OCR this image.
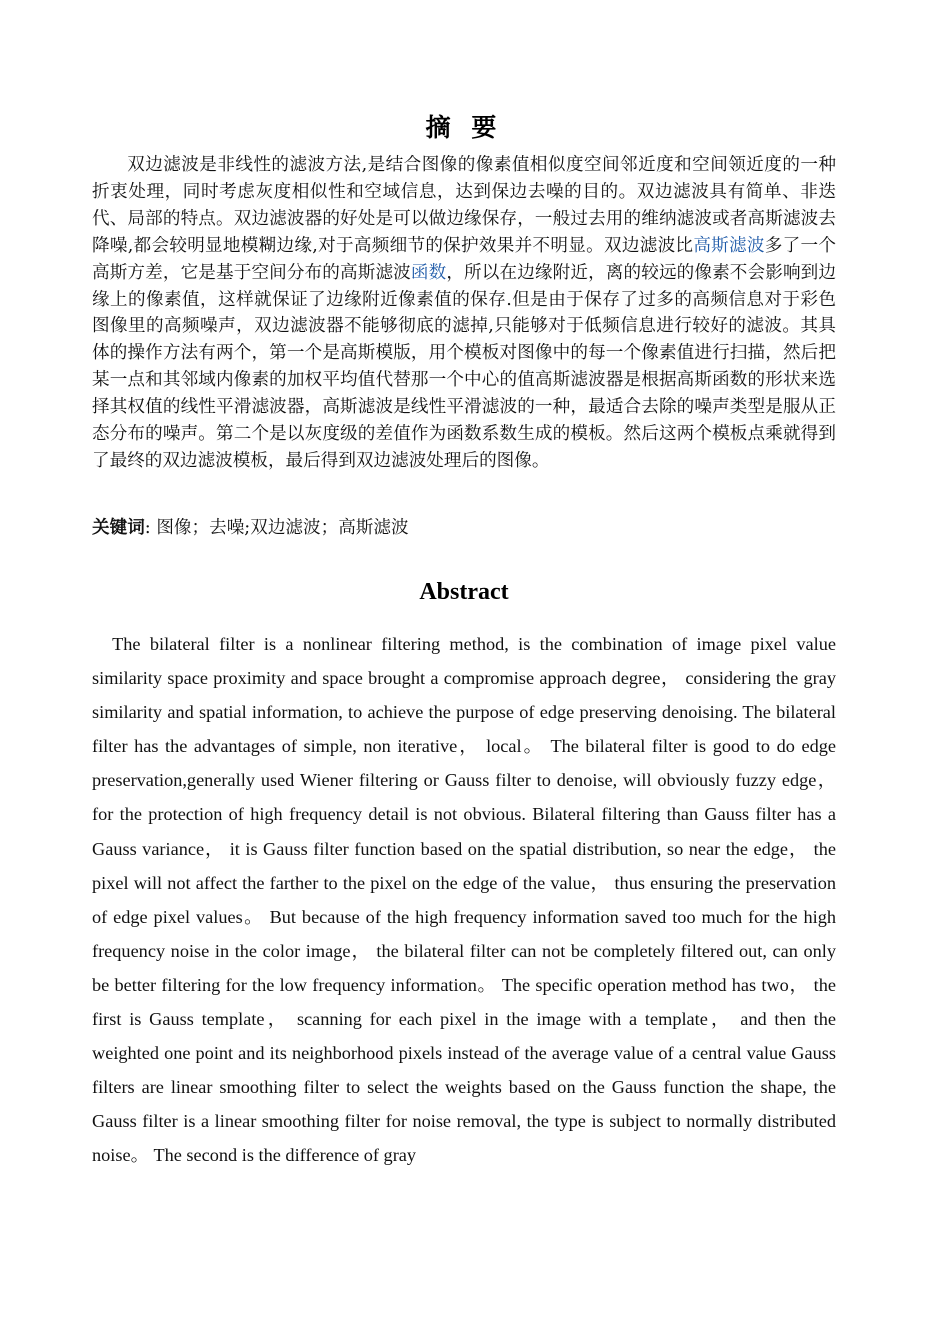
摘 要

双边滤波是非线性的滤波方法,是结合图像的像素值相似度空间邻近度和空间领近度的一种折衷处理，同时考虑灰度相似性和空域信息，达到保边去噪的目的。双边滤波具有简单、非迭代、局部的特点。双边滤波器的好处是可以做边缘保存，一般过去用的维纳滤波或者高斯滤波去降噪,都会较明显地模糊边缘,对于高频细节的保护效果并不明显。双边滤波比高斯滤波多了一个高斯方差，它是基于空间分布的高斯滤波函数，所以在边缘附近，离的较远的像素不会影响到边缘上的像素值，这样就保证了边缘附近像素值的保存.但是由于保存了过多的高频信息对于彩色图像里的高频噪声，双边滤波器不能够彻底的滤掉,只能够对于低频信息进行较好的滤波。其具体的操作方法有两个，第一个是高斯模版，用个模板对图像中的每一个像素值进行扫描，然后把某一点和其邻域内像素的加权平均值代替那一个中心的值高斯滤波器是根据高斯函数的形状来选择其权值的线性平滑滤波器，高斯滤波是线性平滑滤波的一种，最适合去除的噪声类型是服从正态分布的噪声。第二个是以灰度级的差值作为函数系数生成的模板。然后这两个模板点乘就得到了最终的双边滤波模板，最后得到双边滤波处理后的图像。

关键词: 图像；去噪;双边滤波；高斯滤波

Abstract

The bilateral filter is a nonlinear filtering method, is the combination of image pixel value similarity space proximity and space brought a compromise approach degree， considering the gray similarity and spatial information, to achieve the purpose of edge preserving denoising. The bilateral filter has the advantages of simple, non iterative， local。 The bilateral filter is good to do edge preservation,generally used Wiener filtering or Gauss filter to denoise, will obviously fuzzy edge， for the protection of high frequency detail is not obvious. Bilateral filtering than Gauss filter has a Gauss variance， it is Gauss filter function based on the spatial distribution, so near the edge， the pixel will not affect the farther to the pixel on the edge of the value， thus ensuring the preservation of edge pixel values。 But because of the high frequency information saved too much for the high frequency noise in the color image， the bilateral filter can not be completely filtered out, can only be better filtering for the low frequency information。 The specific operation method has two， the first is Gauss template， scanning for each pixel in the image with a template， and then the weighted one point and its neighborhood pixels instead of the average value of a central value Gauss filters are linear smoothing filter to select the weights based on the Gauss function the shape, the Gauss filter is a linear smoothing filter for noise removal, the type is subject to normally distributed noise。 The second is the difference of gray
